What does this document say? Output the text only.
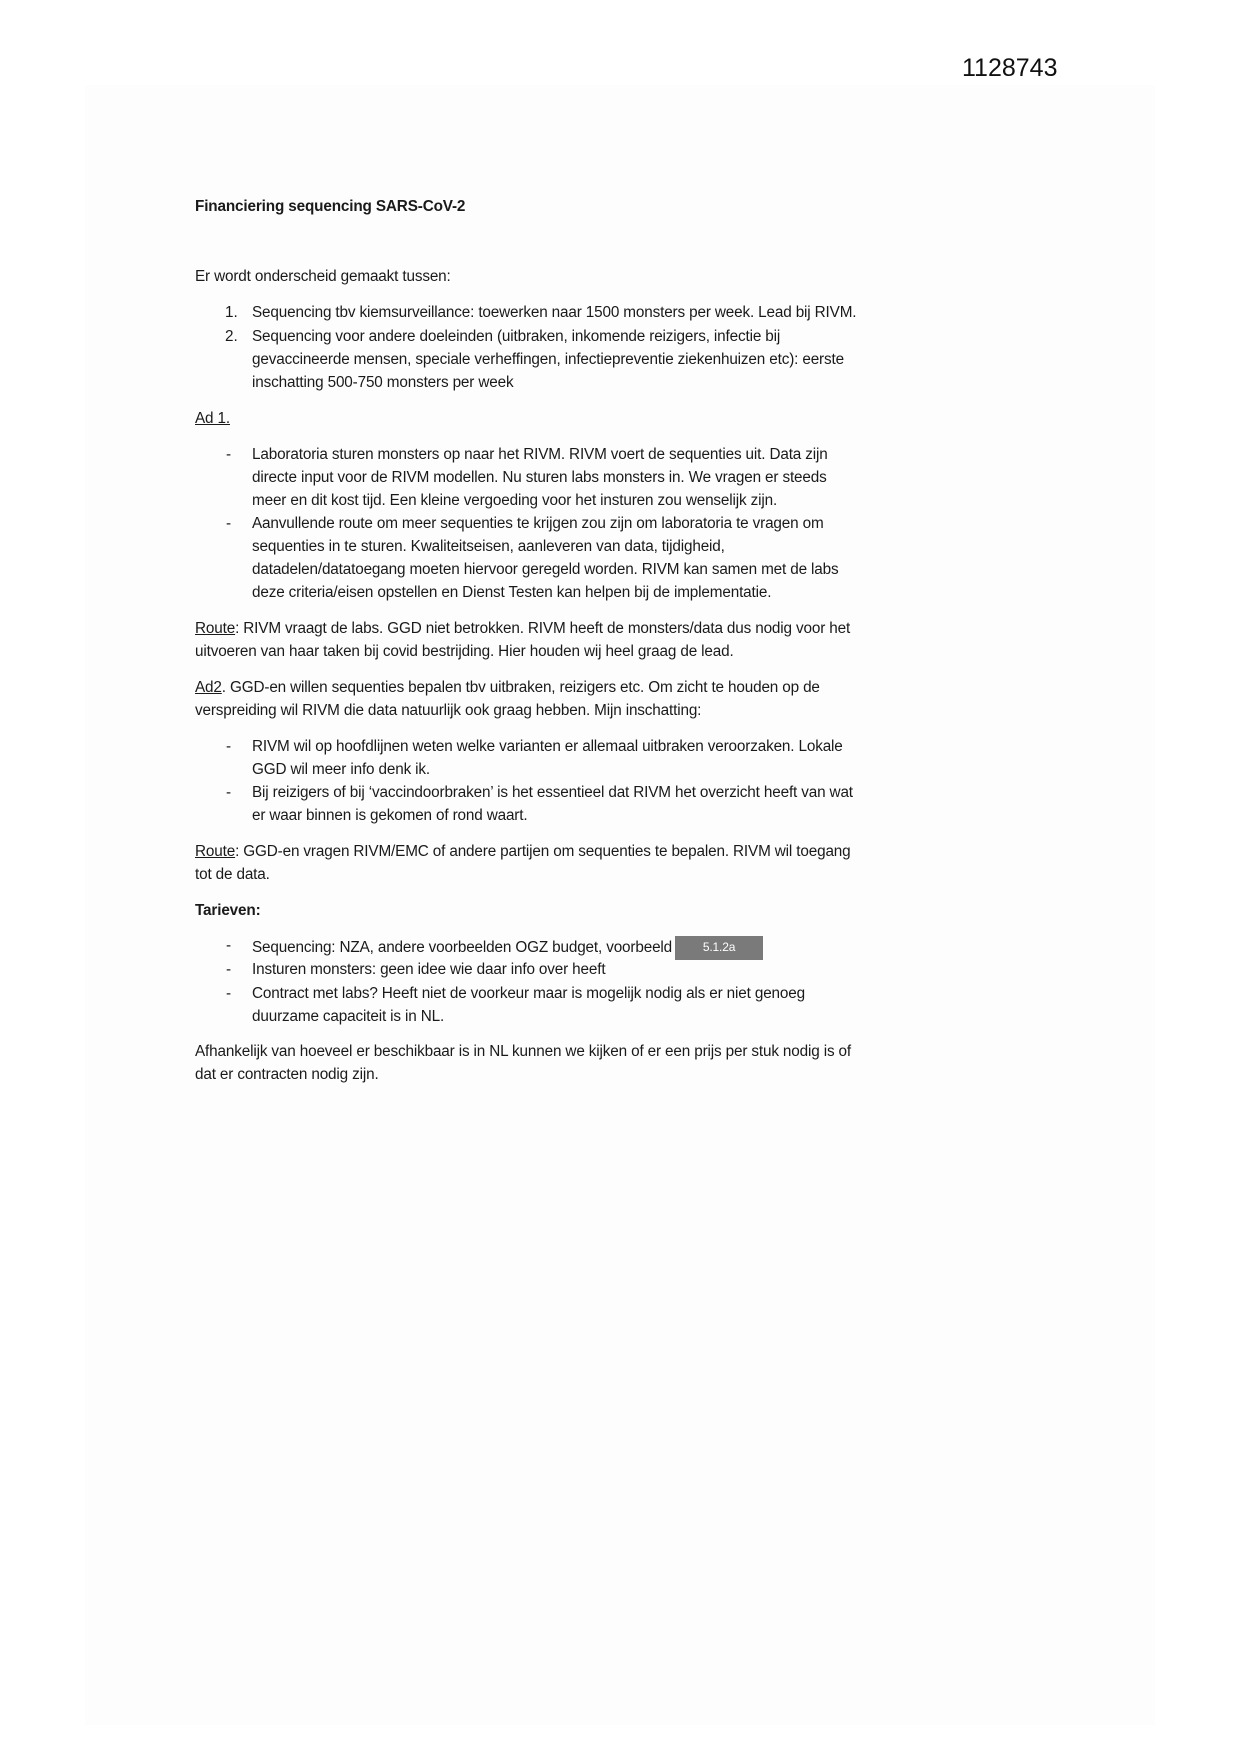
1128743
Financiering sequencing SARS-CoV-2
Er wordt onderscheid gemaakt tussen:
1. Sequencing tbv kiemsurveillance: toewerken naar 1500 monsters per week. Lead bij RIVM.
2. Sequencing voor andere doeleinden (uitbraken, inkomende reizigers, infectie bij
gevaccineerde mensen, speciale verheffingen, infectiepreventie ziekenhuizen etc): eerste
inschatting 500-750 monsters per week
Ad 1.
- Laboratoria sturen monsters op naar het RIVM. RIVM voert de sequenties uit. Data zijn
directe input voor de RIVM modellen. Nu sturen labs monsters in. We vragen er steeds
meer en dit kost tijd. Een kleine vergoeding voor het insturen zou wenselijk zijn.
- Aanvullende route om meer sequenties te krijgen zou zijn om laboratoria te vragen om
sequenties in te sturen. Kwaliteitseisen, aanleveren van data, tijdigheid,
datadelen/datatoegang moeten hiervoor geregeld worden. RIVM kan samen met de labs
deze criteria/eisen opstellen en Dienst Testen kan helpen bij de implementatie.
Route: RIVM vraagt de labs. GGD niet betrokken. RIVM heeft de monsters/data dus nodig voor het
uitvoeren van haar taken bij covid bestrijding. Hier houden wij heel graag de lead.
Ad2. GGD-en willen sequenties bepalen tbv uitbraken, reizigers etc. Om zicht te houden op de
verspreiding wil RIVM die data natuurlijk ook graag hebben. Mijn inschatting:
- RIVM wil op hoofdlijnen weten welke varianten er allemaal uitbraken veroorzaken. Lokale
GGD wil meer info denk ik.
- Bij reizigers of bij ‘vaccindoorbraken’ is het essentieel dat RIVM het overzicht heeft van wat
er waar binnen is gekomen of rond waart.
Route: GGD-en vragen RIVM/EMC of andere partijen om sequenties te bepalen. RIVM wil toegang
tot de data.
Tarieven:
- Sequencing: NZA, andere voorbeelden OGZ budget, voorbeeld	5.1.2a
- Insturen monsters: geen idee wie daar info over heeft
- Contract met labs? Heeft niet de voorkeur maar is mogelijk nodig als er niet genoeg
duurzame capaciteit is in NL.
Afhankelijk van hoeveel er beschikbaar is in NL kunnen we kijken of er een prijs per stuk nodig is of
dat er contracten nodig zijn.
